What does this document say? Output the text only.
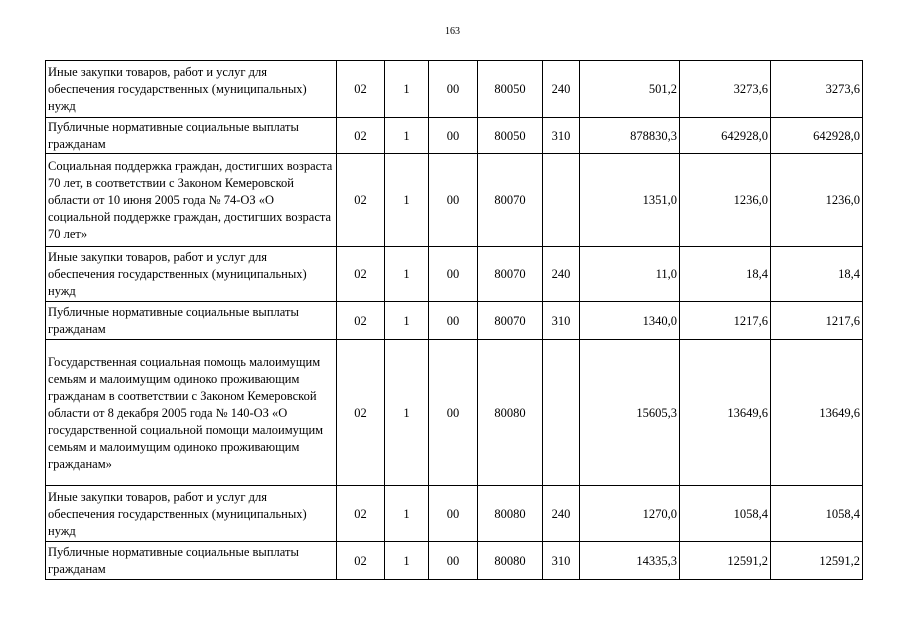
163
Иные закупки товаров, работ и услуг для обеспечения государственных (муниципальных) нужд	02	1	00	80050	240	501,2	3273,6	3273,6
Публичные нормативные социальные выплаты гражданам	02	1	00	80050	310	878830,3	642928,0	642928,0
Социальная поддержка граждан, достигших возраста 70 лет, в соответствии с Законом Кемеровской области от 10 июня 2005 года № 74-ОЗ «О социальной поддержке граждан, достигших возраста 70 лет»	02	1	00	80070		1351,0	1236,0	1236,0
Иные закупки товаров, работ и услуг для обеспечения государственных (муниципальных) нужд	02	1	00	80070	240	11,0	18,4	18,4
Публичные нормативные социальные выплаты гражданам	02	1	00	80070	310	1340,0	1217,6	1217,6
Государственная социальная помощь малоимущим семьям и малоимущим одиноко проживающим гражданам в соответствии с Законом Кемеровской области от 8 декабря 2005 года № 140-ОЗ «О государственной социальной помощи малоимущим семьям и малоимущим одиноко проживающим гражданам»	02	1	00	80080		15605,3	13649,6	13649,6
Иные закупки товаров, работ и услуг для обеспечения государственных (муниципальных) нужд	02	1	00	80080	240	1270,0	1058,4	1058,4
Публичные нормативные социальные выплаты гражданам	02	1	00	80080	310	14335,3	12591,2	12591,2
